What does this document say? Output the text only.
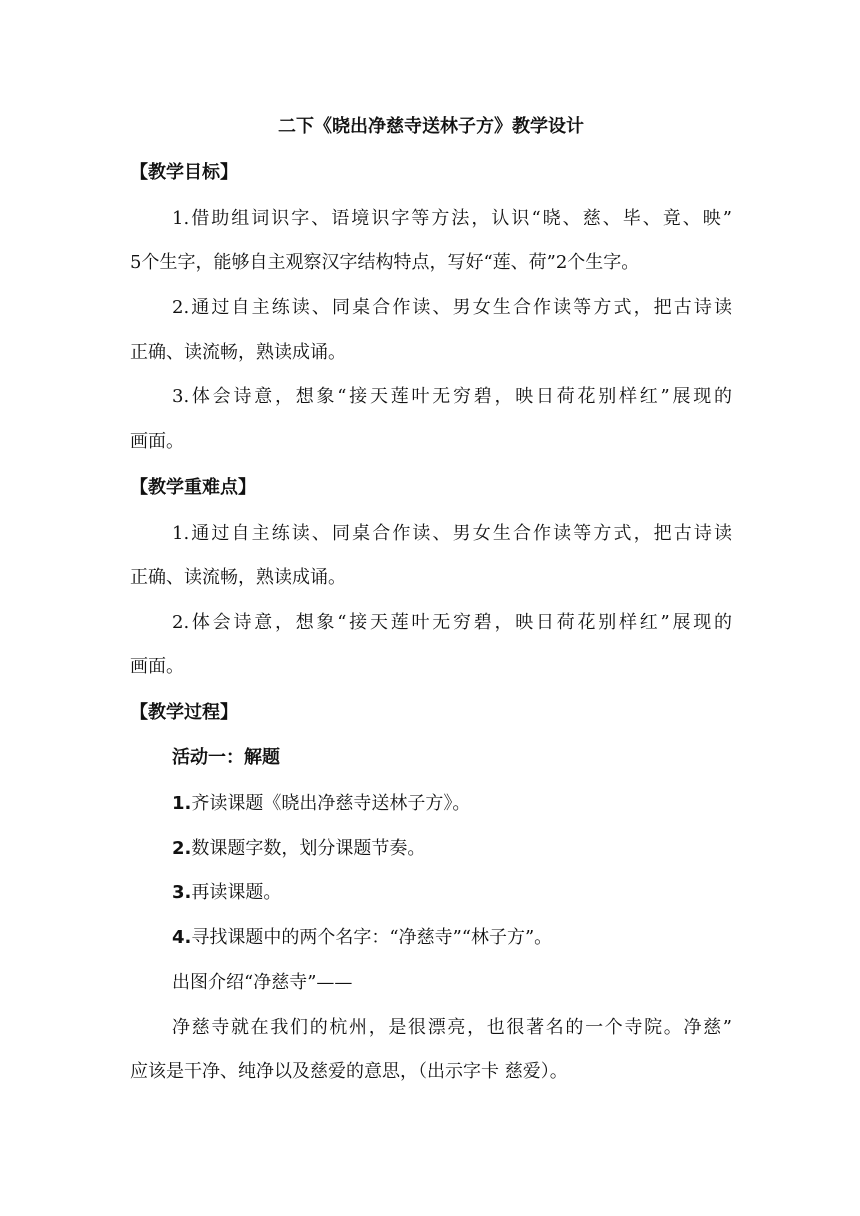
二下《晓出净慈寺送林子方》教学设计
【教学目标】
1.借助组词识字、语境识字等方法，认识“晓、慈、毕、竟、映”
5个生字，能够自主观察汉字结构特点，写好“莲、荷”2个生字。
2.通过自主练读、同桌合作读、男女生合作读等方式，把古诗读
正确、读流畅，熟读成诵。
3.体会诗意，想象“接天莲叶无穷碧，映日荷花别样红”展现的
画面。
【教学重难点】
1.通过自主练读、同桌合作读、男女生合作读等方式，把古诗读
正确、读流畅，熟读成诵。
2.体会诗意，想象“接天莲叶无穷碧，映日荷花别样红”展现的
画面。
【教学过程】
活动一：解题
1.齐读课题《晓出净慈寺送林子方》。
2.数课题字数，划分课题节奏。
3.再读课题。
4.寻找课题中的两个名字：“净慈寺”“林子方”。
出图介绍“净慈寺”——
净慈寺就在我们的杭州，是很漂亮，也很著名的一个寺院。净慈”
应该是干净、纯净以及慈爱的意思，（出示字卡 慈爱）。
